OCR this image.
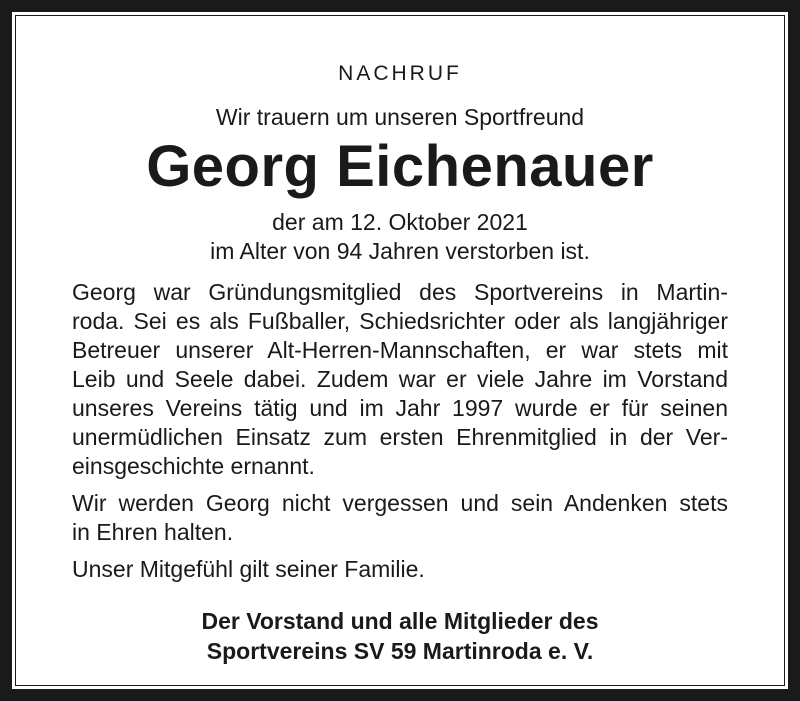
NACHRUF
Wir trauern um unseren Sportfreund
Georg Eichenauer
der am 12. Oktober 2021
im Alter von 94 Jahren verstorben ist.
Georg war Gründungsmitglied des Sportvereins in Martin-
roda. Sei es als Fußballer, Schiedsrichter oder als langjähriger
Betreuer unserer Alt-Herren-Mannschaften, er war stets mit
Leib und Seele dabei. Zudem war er viele Jahre im Vorstand
unseres Vereins tätig und im Jahr 1997 wurde er für seinen
unermüdlichen Einsatz zum ersten Ehrenmitglied in der Ver-
einsgeschichte ernannt.
Wir werden Georg nicht vergessen und sein Andenken stets
in Ehren halten.
Unser Mitgefühl gilt seiner Familie.
Der Vorstand und alle Mitglieder des
Sportvereins SV 59 Martinroda e. V.
